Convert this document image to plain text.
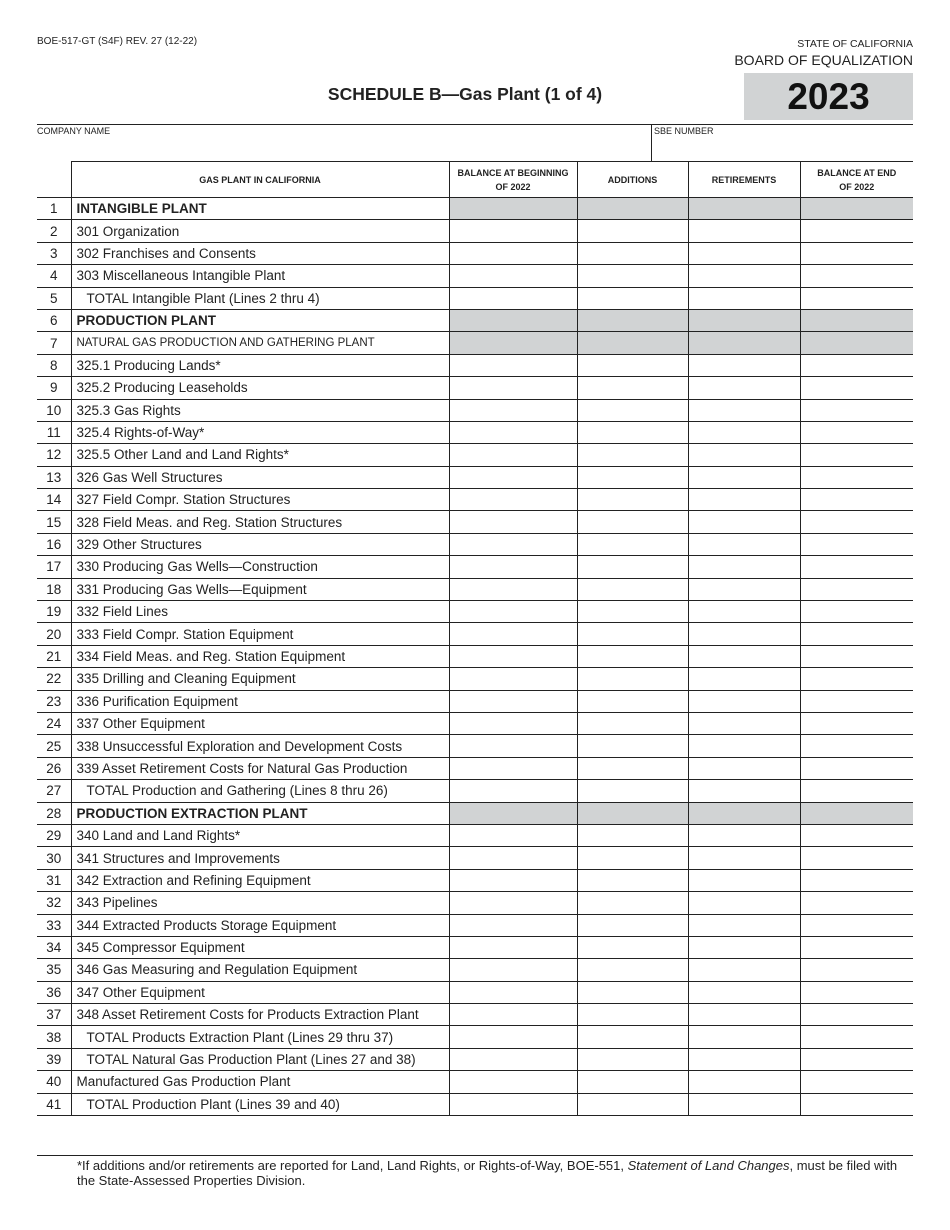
BOE-517-GT (S4F) REV. 27 (12-22)	STATE OF CALIFORNIA
BOARD OF EQUALIZATION
SCHEDULE B—Gas Plant (1 of 4)	2023
COMPANY NAME	SBE NUMBER
	GAS PLANT IN CALIFORNIA	BALANCE AT BEGINNING OF 2022	ADDITIONS	RETIREMENTS	BALANCE AT END OF 2022
1	INTANGIBLE PLANT				
2	301 Organization				
3	302 Franchises and Consents				
4	303 Miscellaneous Intangible Plant				
5	TOTAL Intangible Plant (Lines 2 thru 4)				
6	PRODUCTION PLANT				
7	NATURAL GAS PRODUCTION AND GATHERING PLANT				
8	325.1 Producing Lands*				
9	325.2 Producing Leaseholds				
10	325.3 Gas Rights				
11	325.4 Rights-of-Way*				
12	325.5 Other Land and Land Rights*				
13	326 Gas Well Structures				
14	327 Field Compr. Station Structures				
15	328 Field Meas. and Reg. Station Structures				
16	329 Other Structures				
17	330 Producing Gas Wells—Construction				
18	331 Producing Gas Wells—Equipment				
19	332 Field Lines				
20	333 Field Compr. Station Equipment				
21	334 Field Meas. and Reg. Station Equipment				
22	335 Drilling and Cleaning Equipment				
23	336 Purification Equipment				
24	337 Other Equipment				
25	338 Unsuccessful Exploration and Development Costs				
26	339 Asset Retirement Costs for Natural Gas Production				
27	TOTAL Production and Gathering (Lines 8 thru 26)				
28	PRODUCTION EXTRACTION PLANT				
29	340 Land and Land Rights*				
30	341 Structures and Improvements				
31	342 Extraction and Refining Equipment				
32	343 Pipelines				
33	344 Extracted Products Storage Equipment				
34	345 Compressor Equipment				
35	346 Gas Measuring and Regulation Equipment				
36	347 Other Equipment				
37	348 Asset Retirement Costs for Products Extraction Plant				
38	TOTAL Products Extraction Plant (Lines 29 thru 37)				
39	TOTAL Natural Gas Production Plant (Lines 27 and 38)				
40	Manufactured Gas Production Plant				
41	TOTAL Production Plant (Lines 39 and 40)				
*If additions and/or retirements are reported for Land, Land Rights, or Rights-of-Way, BOE-551, Statement of Land Changes, must be filed with the State-Assessed Properties Division.
